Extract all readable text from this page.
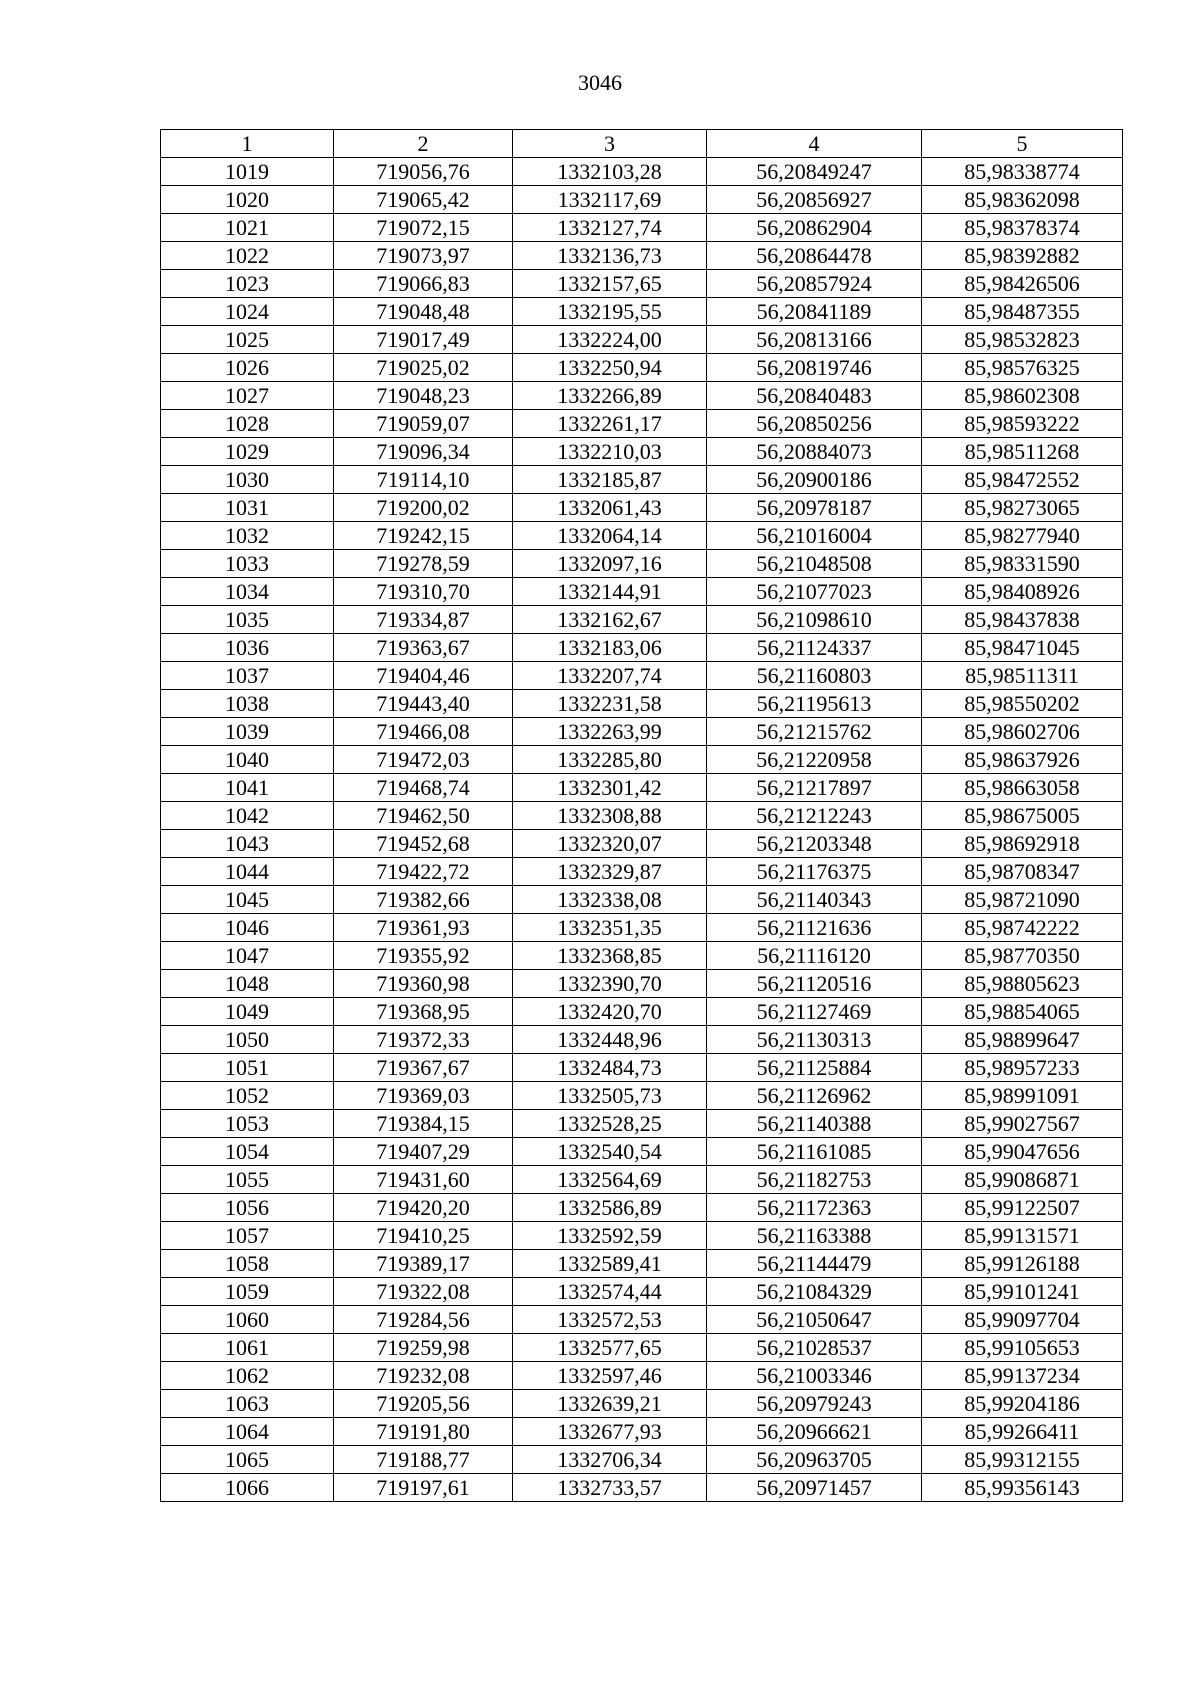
3046
1	2	3	4	5
1019	719056,76	1332103,28	56,20849247	85,98338774
1020	719065,42	1332117,69	56,20856927	85,98362098
1021	719072,15	1332127,74	56,20862904	85,98378374
1022	719073,97	1332136,73	56,20864478	85,98392882
1023	719066,83	1332157,65	56,20857924	85,98426506
1024	719048,48	1332195,55	56,20841189	85,98487355
1025	719017,49	1332224,00	56,20813166	85,98532823
1026	719025,02	1332250,94	56,20819746	85,98576325
1027	719048,23	1332266,89	56,20840483	85,98602308
1028	719059,07	1332261,17	56,20850256	85,98593222
1029	719096,34	1332210,03	56,20884073	85,98511268
1030	719114,10	1332185,87	56,20900186	85,98472552
1031	719200,02	1332061,43	56,20978187	85,98273065
1032	719242,15	1332064,14	56,21016004	85,98277940
1033	719278,59	1332097,16	56,21048508	85,98331590
1034	719310,70	1332144,91	56,21077023	85,98408926
1035	719334,87	1332162,67	56,21098610	85,98437838
1036	719363,67	1332183,06	56,21124337	85,98471045
1037	719404,46	1332207,74	56,21160803	85,98511311
1038	719443,40	1332231,58	56,21195613	85,98550202
1039	719466,08	1332263,99	56,21215762	85,98602706
1040	719472,03	1332285,80	56,21220958	85,98637926
1041	719468,74	1332301,42	56,21217897	85,98663058
1042	719462,50	1332308,88	56,21212243	85,98675005
1043	719452,68	1332320,07	56,21203348	85,98692918
1044	719422,72	1332329,87	56,21176375	85,98708347
1045	719382,66	1332338,08	56,21140343	85,98721090
1046	719361,93	1332351,35	56,21121636	85,98742222
1047	719355,92	1332368,85	56,21116120	85,98770350
1048	719360,98	1332390,70	56,21120516	85,98805623
1049	719368,95	1332420,70	56,21127469	85,98854065
1050	719372,33	1332448,96	56,21130313	85,98899647
1051	719367,67	1332484,73	56,21125884	85,98957233
1052	719369,03	1332505,73	56,21126962	85,98991091
1053	719384,15	1332528,25	56,21140388	85,99027567
1054	719407,29	1332540,54	56,21161085	85,99047656
1055	719431,60	1332564,69	56,21182753	85,99086871
1056	719420,20	1332586,89	56,21172363	85,99122507
1057	719410,25	1332592,59	56,21163388	85,99131571
1058	719389,17	1332589,41	56,21144479	85,99126188
1059	719322,08	1332574,44	56,21084329	85,99101241
1060	719284,56	1332572,53	56,21050647	85,99097704
1061	719259,98	1332577,65	56,21028537	85,99105653
1062	719232,08	1332597,46	56,21003346	85,99137234
1063	719205,56	1332639,21	56,20979243	85,99204186
1064	719191,80	1332677,93	56,20966621	85,99266411
1065	719188,77	1332706,34	56,20963705	85,99312155
1066	719197,61	1332733,57	56,20971457	85,99356143
